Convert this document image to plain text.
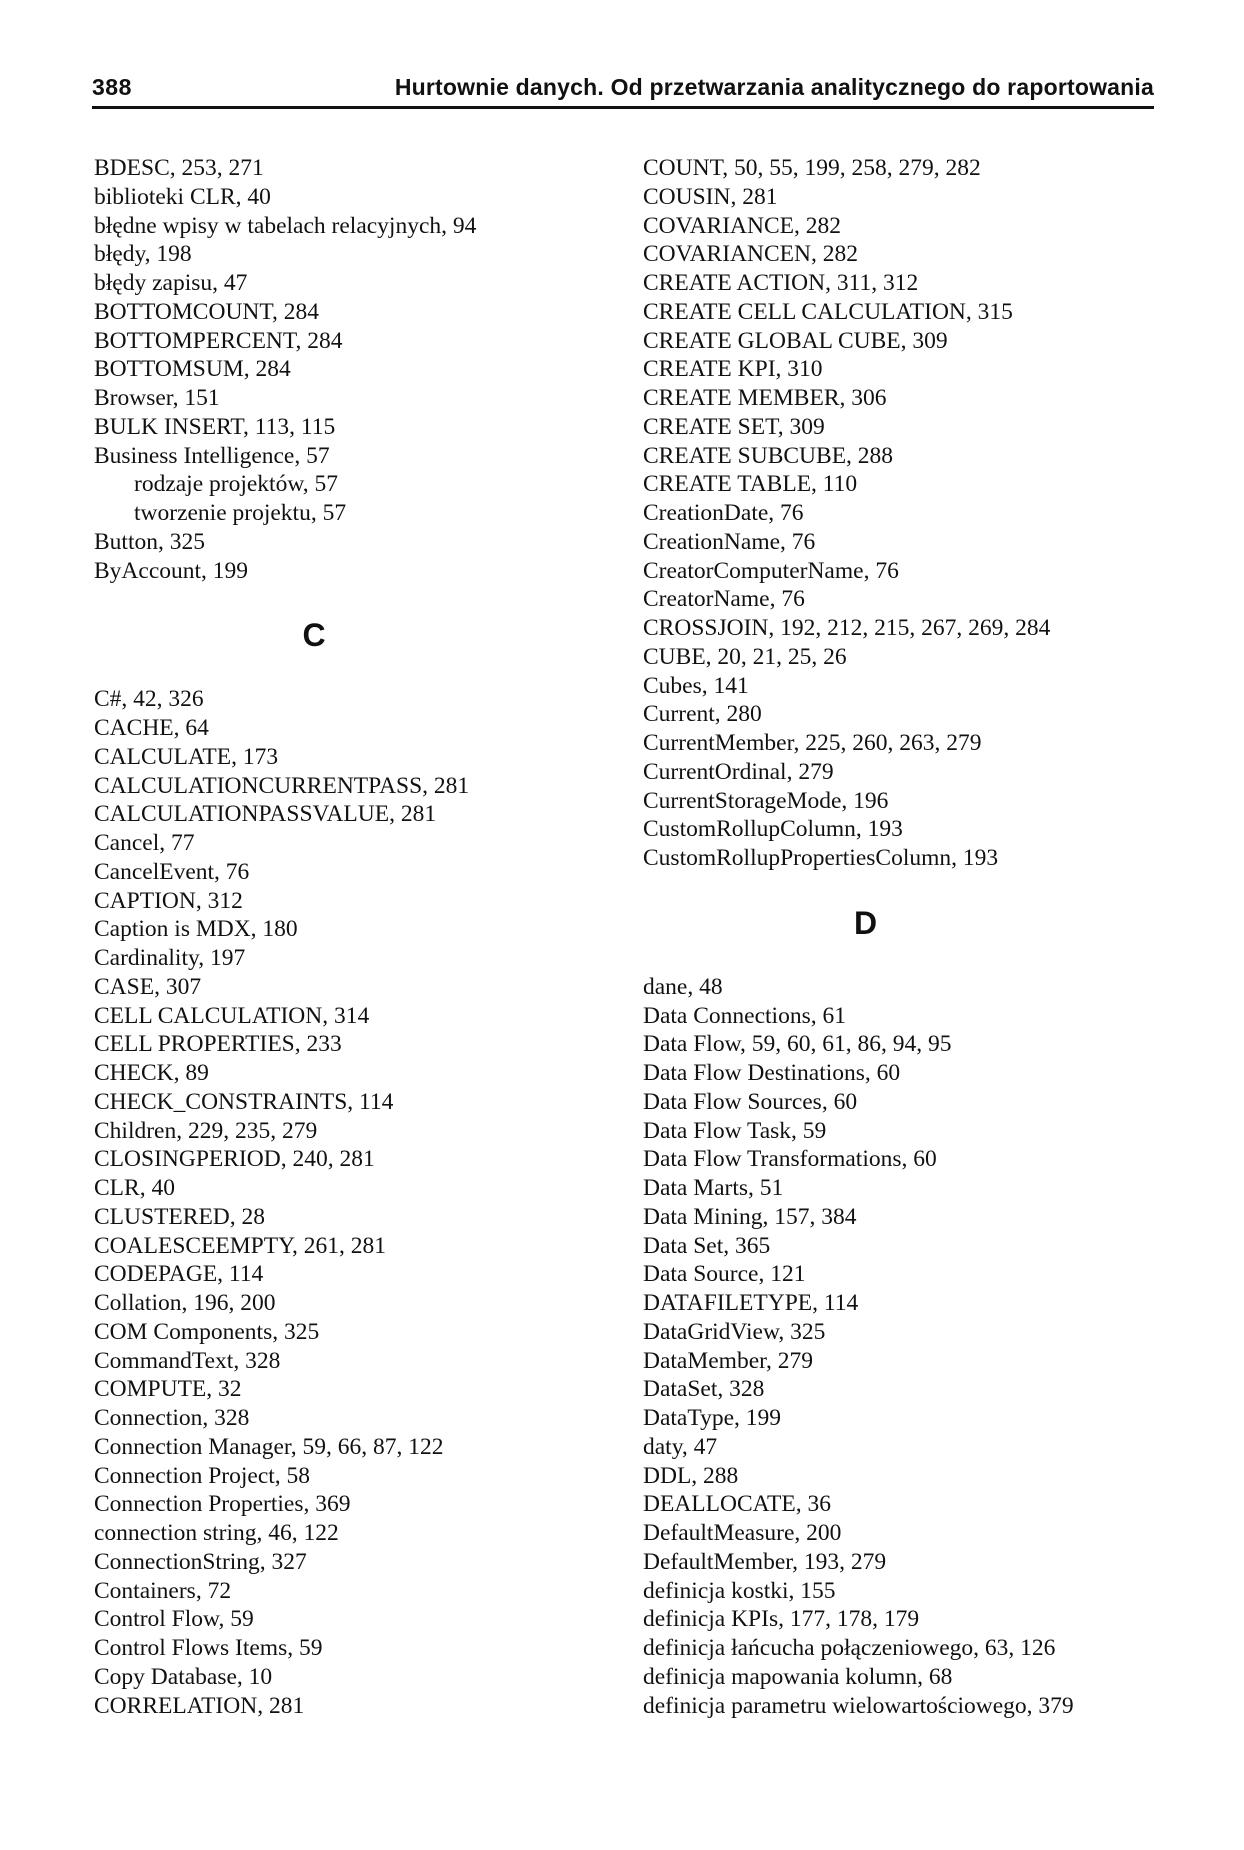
388	Hurtownie danych. Od przetwarzania analitycznego do raportowania
BDESC, 253, 271
biblioteki CLR, 40
błędne wpisy w tabelach relacyjnych, 94
błędy, 198
błędy zapisu, 47
BOTTOMCOUNT, 284
BOTTOMPERCENT, 284
BOTTOMSUM, 284
Browser, 151
BULK INSERT, 113, 115
Business Intelligence, 57
rodzaje projektów, 57
tworzenie projektu, 57
Button, 325
ByAccount, 199
C
C#, 42, 326
CACHE, 64
CALCULATE, 173
CALCULATIONCURRENTPASS, 281
CALCULATIONPASSVALUE, 281
Cancel, 77
CancelEvent, 76
CAPTION, 312
Caption is MDX, 180
Cardinality, 197
CASE, 307
CELL CALCULATION, 314
CELL PROPERTIES, 233
CHECK, 89
CHECK_CONSTRAINTS, 114
Children, 229, 235, 279
CLOSINGPERIOD, 240, 281
CLR, 40
CLUSTERED, 28
COALESCEEMPTY, 261, 281
CODEPAGE, 114
Collation, 196, 200
COM Components, 325
CommandText, 328
COMPUTE, 32
Connection, 328
Connection Manager, 59, 66, 87, 122
Connection Project, 58
Connection Properties, 369
connection string, 46, 122
ConnectionString, 327
Containers, 72
Control Flow, 59
Control Flows Items, 59
Copy Database, 10
CORRELATION, 281
COUNT, 50, 55, 199, 258, 279, 282
COUSIN, 281
COVARIANCE, 282
COVARIANCEN, 282
CREATE ACTION, 311, 312
CREATE CELL CALCULATION, 315
CREATE GLOBAL CUBE, 309
CREATE KPI, 310
CREATE MEMBER, 306
CREATE SET, 309
CREATE SUBCUBE, 288
CREATE TABLE, 110
CreationDate, 76
CreationName, 76
CreatorComputerName, 76
CreatorName, 76
CROSSJOIN, 192, 212, 215, 267, 269, 284
CUBE, 20, 21, 25, 26
Cubes, 141
Current, 280
CurrentMember, 225, 260, 263, 279
CurrentOrdinal, 279
CurrentStorageMode, 196
CustomRollupColumn, 193
CustomRollupPropertiesColumn, 193
D
dane, 48
Data Connections, 61
Data Flow, 59, 60, 61, 86, 94, 95
Data Flow Destinations, 60
Data Flow Sources, 60
Data Flow Task, 59
Data Flow Transformations, 60
Data Marts, 51
Data Mining, 157, 384
Data Set, 365
Data Source, 121
DATAFILETYPE, 114
DataGridView, 325
DataMember, 279
DataSet, 328
DataType, 199
daty, 47
DDL, 288
DEALLOCATE, 36
DefaultMeasure, 200
DefaultMember, 193, 279
definicja kostki, 155
definicja KPIs, 177, 178, 179
definicja łańcucha połączeniowego, 63, 126
definicja mapowania kolumn, 68
definicja parametru wielowartościowego, 379
